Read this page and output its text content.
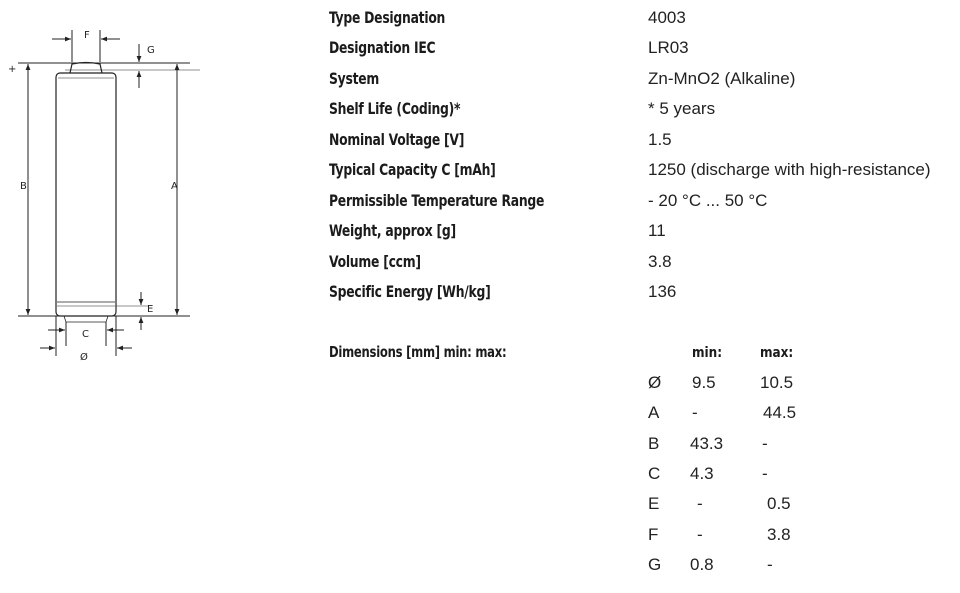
F
G
+
B	A
E
C
Ø
Type Designation	4003
Designation IEC	LR03
System	Zn-MnO2 (Alkaline)
Shelf Life (Coding)*	* 5 years
Nominal Voltage [V]	1.5
Typical Capacity C [mAh]	1250 (discharge with high-resistance)
Permissible Temperature Range	- 20 °C ... 50 °C
Weight, approx [g]	11
Volume [ccm]	3.8
Specific Energy [Wh/kg]	136
Dimensions [mm] min: max:	min:	max:
Ø 9.5	10.5
A -	44.5
B 43.3 -
C 4.3	-
E -	0.5
F -	3.8
G 0.8	-
